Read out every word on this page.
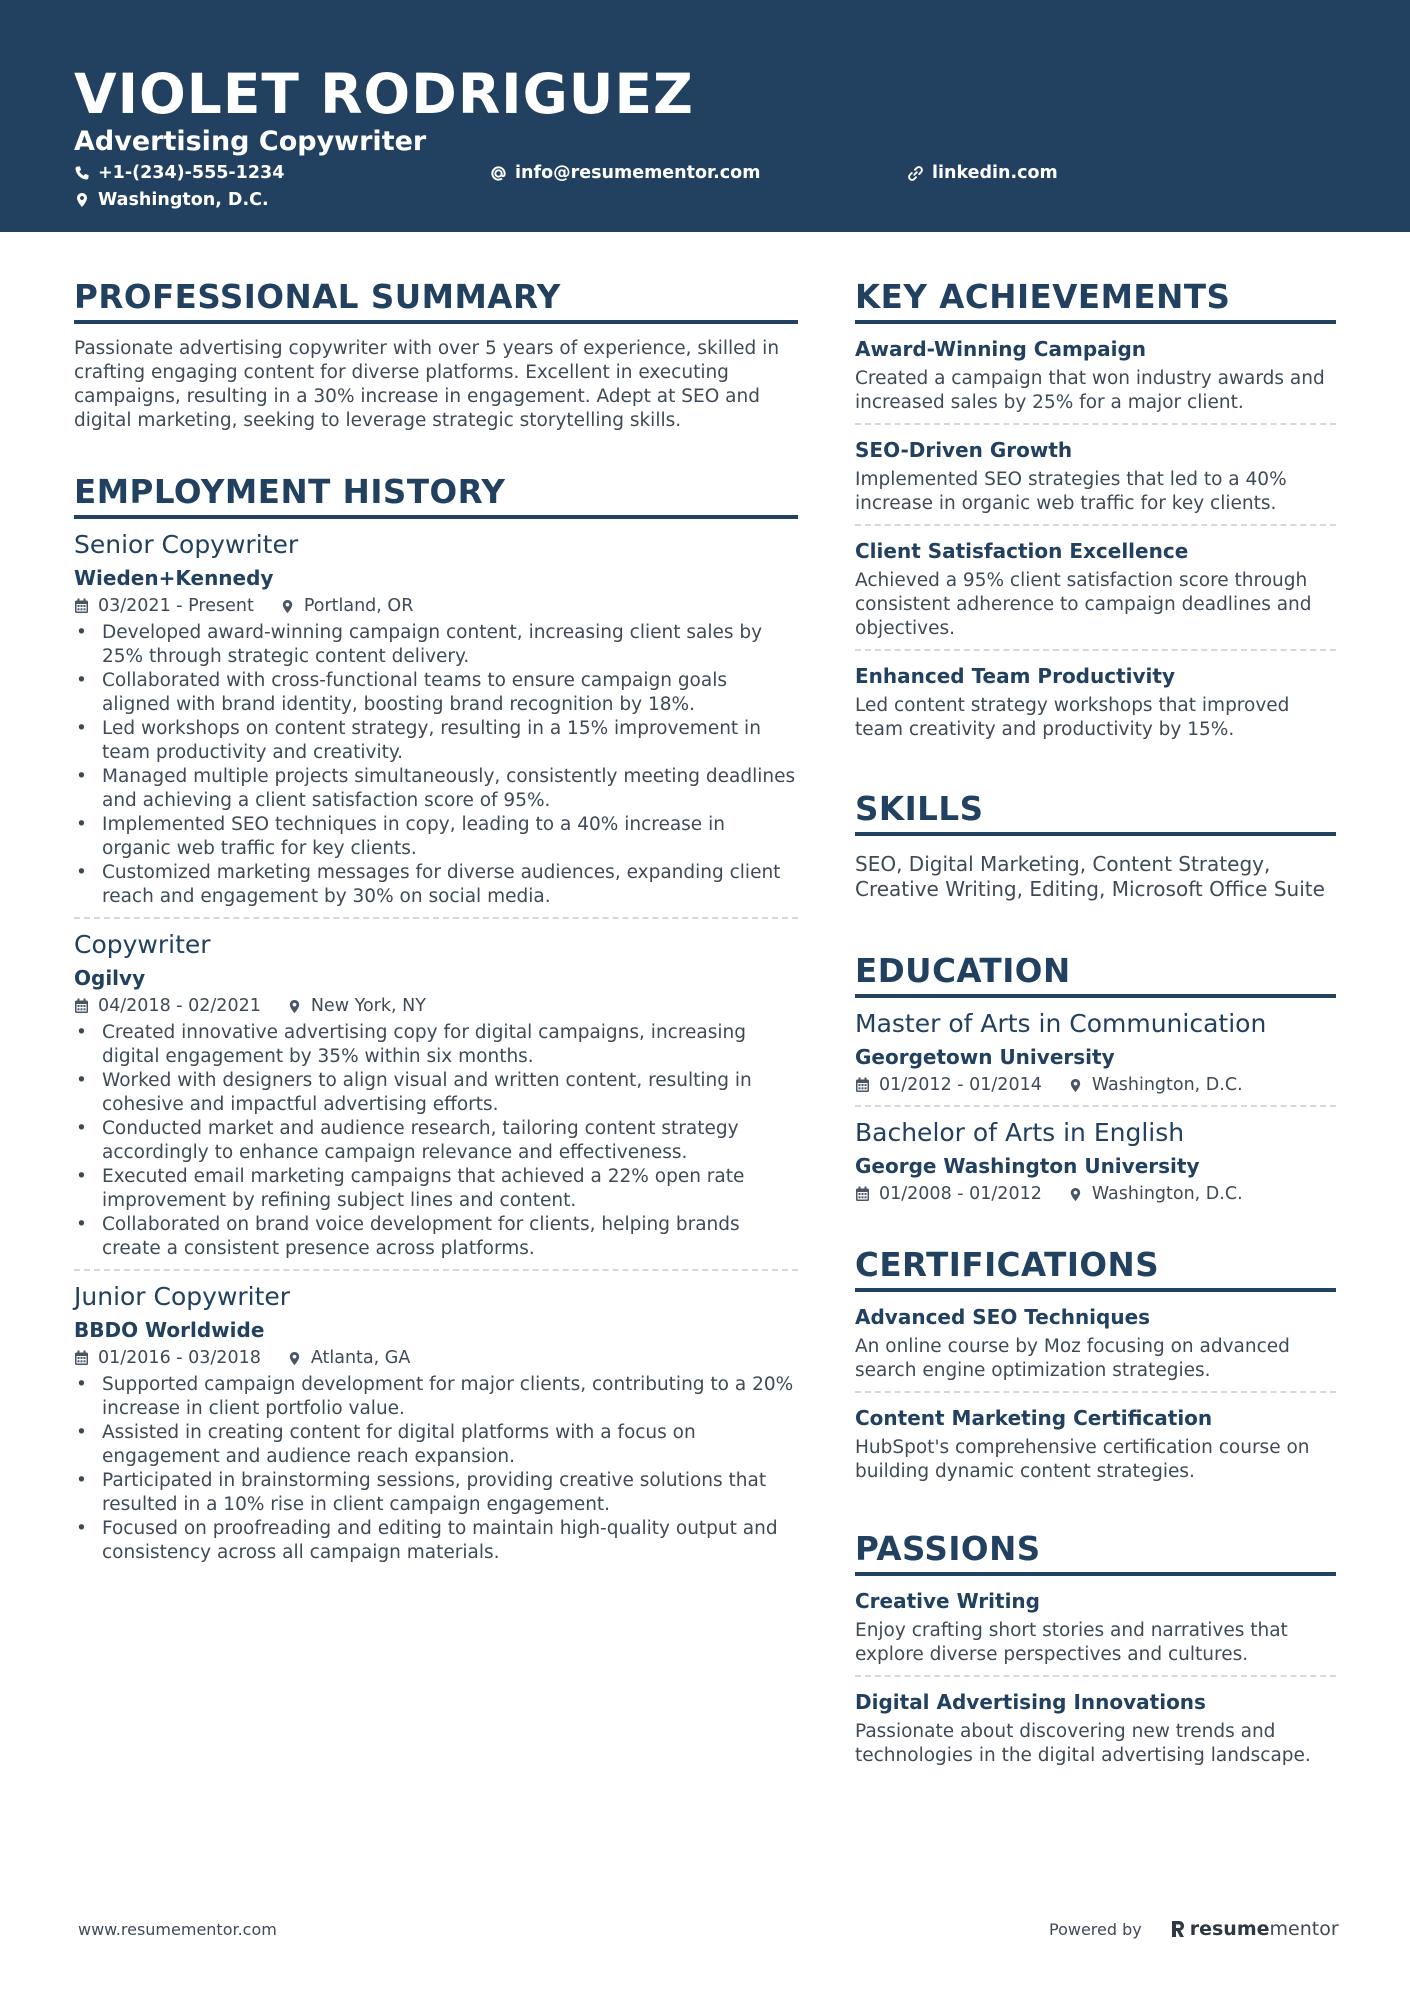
VIOLET RODRIGUEZ
Advertising Copywriter
+1-(234)-555-1234	info@resumementor.com	linkedin.com
Washington, D.C.
PROFESSIONAL SUMMARY
Passionate advertising copywriter with over 5 years of experience, skilled in crafting engaging content for diverse platforms. Excellent in executing campaigns, resulting in a 30% increase in engagement. Adept at SEO and digital marketing, seeking to leverage strategic storytelling skills.
EMPLOYMENT HISTORY
Senior Copywriter
Wieden+Kennedy
03/2021 - Present	Portland, OR
• Developed award-winning campaign content, increasing client sales by 25% through strategic content delivery.
• Collaborated with cross-functional teams to ensure campaign goals aligned with brand identity, boosting brand recognition by 18%.
• Led workshops on content strategy, resulting in a 15% improvement in team productivity and creativity.
• Managed multiple projects simultaneously, consistently meeting deadlines and achieving a client satisfaction score of 95%.
• Implemented SEO techniques in copy, leading to a 40% increase in organic web traffic for key clients.
• Customized marketing messages for diverse audiences, expanding client reach and engagement by 30% on social media.
Copywriter
Ogilvy
04/2018 - 02/2021	New York, NY
• Created innovative advertising copy for digital campaigns, increasing digital engagement by 35% within six months.
• Worked with designers to align visual and written content, resulting in cohesive and impactful advertising efforts.
• Conducted market and audience research, tailoring content strategy accordingly to enhance campaign relevance and effectiveness.
• Executed email marketing campaigns that achieved a 22% open rate improvement by refining subject lines and content.
• Collaborated on brand voice development for clients, helping brands create a consistent presence across platforms.
Junior Copywriter
BBDO Worldwide
01/2016 - 03/2018	Atlanta, GA
• Supported campaign development for major clients, contributing to a 20% increase in client portfolio value.
• Assisted in creating content for digital platforms with a focus on engagement and audience reach expansion.
• Participated in brainstorming sessions, providing creative solutions that resulted in a 10% rise in client campaign engagement.
• Focused on proofreading and editing to maintain high-quality output and consistency across all campaign materials.
KEY ACHIEVEMENTS
Award-Winning Campaign
Created a campaign that won industry awards and increased sales by 25% for a major client.
SEO-Driven Growth
Implemented SEO strategies that led to a 40% increase in organic web traffic for key clients.
Client Satisfaction Excellence
Achieved a 95% client satisfaction score through consistent adherence to campaign deadlines and objectives.
Enhanced Team Productivity
Led content strategy workshops that improved team creativity and productivity by 15%.
SKILLS
SEO, Digital Marketing, Content Strategy, Creative Writing, Editing, Microsoft Office Suite
EDUCATION
Master of Arts in Communication
Georgetown University
01/2012 - 01/2014	Washington, D.C.
Bachelor of Arts in English
George Washington University
01/2008 - 01/2012	Washington, D.C.
CERTIFICATIONS
Advanced SEO Techniques
An online course by Moz focusing on advanced search engine optimization strategies.
Content Marketing Certification
HubSpot's comprehensive certification course on building dynamic content strategies.
PASSIONS
Creative Writing
Enjoy crafting short stories and narratives that explore diverse perspectives and cultures.
Digital Advertising Innovations
Passionate about discovering new trends and technologies in the digital advertising landscape.
www.resumementor.com	Powered by	resume mentor
